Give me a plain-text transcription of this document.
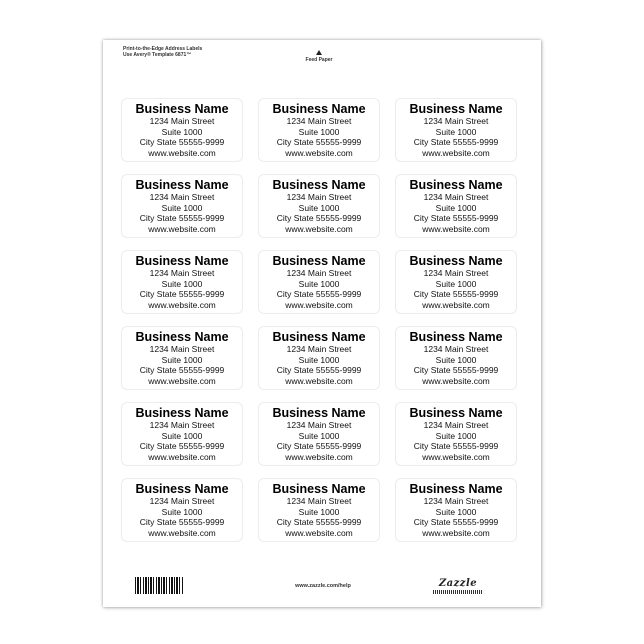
Print-to-the-Edge Address Labels
Use Avery® Template 6871™
Feed Paper
Business Name
1234 Main Street
Suite 1000
City State 55555-9999
www.website.com
Business Name
1234 Main Street
Suite 1000
City State 55555-9999
www.website.com
Business Name
1234 Main Street
Suite 1000
City State 55555-9999
www.website.com
Business Name
1234 Main Street
Suite 1000
City State 55555-9999
www.website.com
Business Name
1234 Main Street
Suite 1000
City State 55555-9999
www.website.com
Business Name
1234 Main Street
Suite 1000
City State 55555-9999
www.website.com
Business Name
1234 Main Street
Suite 1000
City State 55555-9999
www.website.com
Business Name
1234 Main Street
Suite 1000
City State 55555-9999
www.website.com
Business Name
1234 Main Street
Suite 1000
City State 55555-9999
www.website.com
Business Name
1234 Main Street
Suite 1000
City State 55555-9999
www.website.com
Business Name
1234 Main Street
Suite 1000
City State 55555-9999
www.website.com
Business Name
1234 Main Street
Suite 1000
City State 55555-9999
www.website.com
Business Name
1234 Main Street
Suite 1000
City State 55555-9999
www.website.com
Business Name
1234 Main Street
Suite 1000
City State 55555-9999
www.website.com
Business Name
1234 Main Street
Suite 1000
City State 55555-9999
www.website.com
Business Name
1234 Main Street
Suite 1000
City State 55555-9999
www.website.com
Business Name
1234 Main Street
Suite 1000
City State 55555-9999
www.website.com
Business Name
1234 Main Street
Suite 1000
City State 55555-9999
www.website.com
www.zazzle.com/help	Zazzle
